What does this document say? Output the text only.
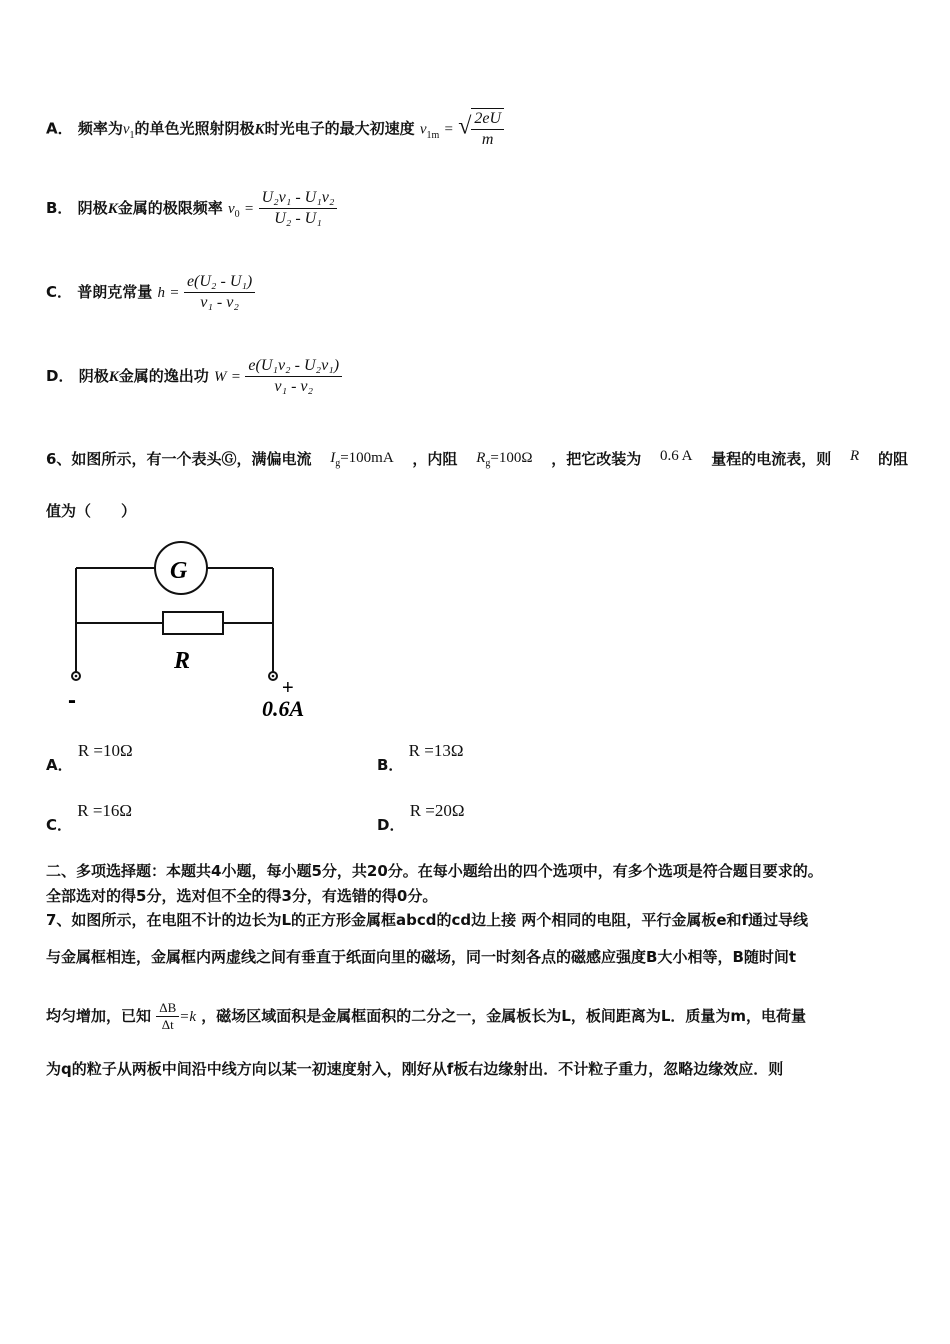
A． 频率为$v_1$的单色光照射阴极K时光电子的最大初速度 $v_{1m}$ = √ $\frac{2eU}{m}$
B． 阴极K金属的极限频率 $v_0 = \frac{\text{U₂v₁ - U₁v₂}}{\text{U₂ - U₁}}$
C． 普朗克常量 $h = \frac{\text{e(U₂ - U₁)}}{\text{v₁ - v₂}}$
D． 阴极K金属的逸出功 $W = \frac{\text{e(U₁v₂ - U₂v₁)}}{\text{v₁ - v₂}}$
6、如图所示，有一个表头Ⓖ，满偏电流 $I_g=100mA$ ，内阻 $R_g=100\Omega$ ，把它改装为 0.6 A 量程的电流表，则 R 的阻
值为（　　）
G
R
-	+
0.6A
A． R =10Ω
B． R =13Ω
C． R =16Ω
D． R =20Ω
二、多项选择题：本题共4小题，每小题5分，共20分。在每小题给出的四个选项中，有多个选项是符合题目要求的。
全部选对的得5分，选对但不全的得3分，有选错的得0分。
7、如图所示，在电阻不计的边长为L的正方形金属框abcd的cd边上接 两个相同的电阻，平行金属板e和f通过导线
与金属框相连，金属框内两虚线之间有垂直于纸面向里的磁场，同一时刻各点的磁感应强度B大小相等，B随时间t
均匀增加，已知 $\frac{\Delta B}{\Delta t} =k$ ，磁场区域面积是金属框面积的二分之一，金属板长为L，板间距离为L．质量为m，电荷量
为q的粒子从两板中间沿中线方向以某一初速度射入，刚好从f板右边缘射出．不计粒子重力，忽略边缘效应．则
